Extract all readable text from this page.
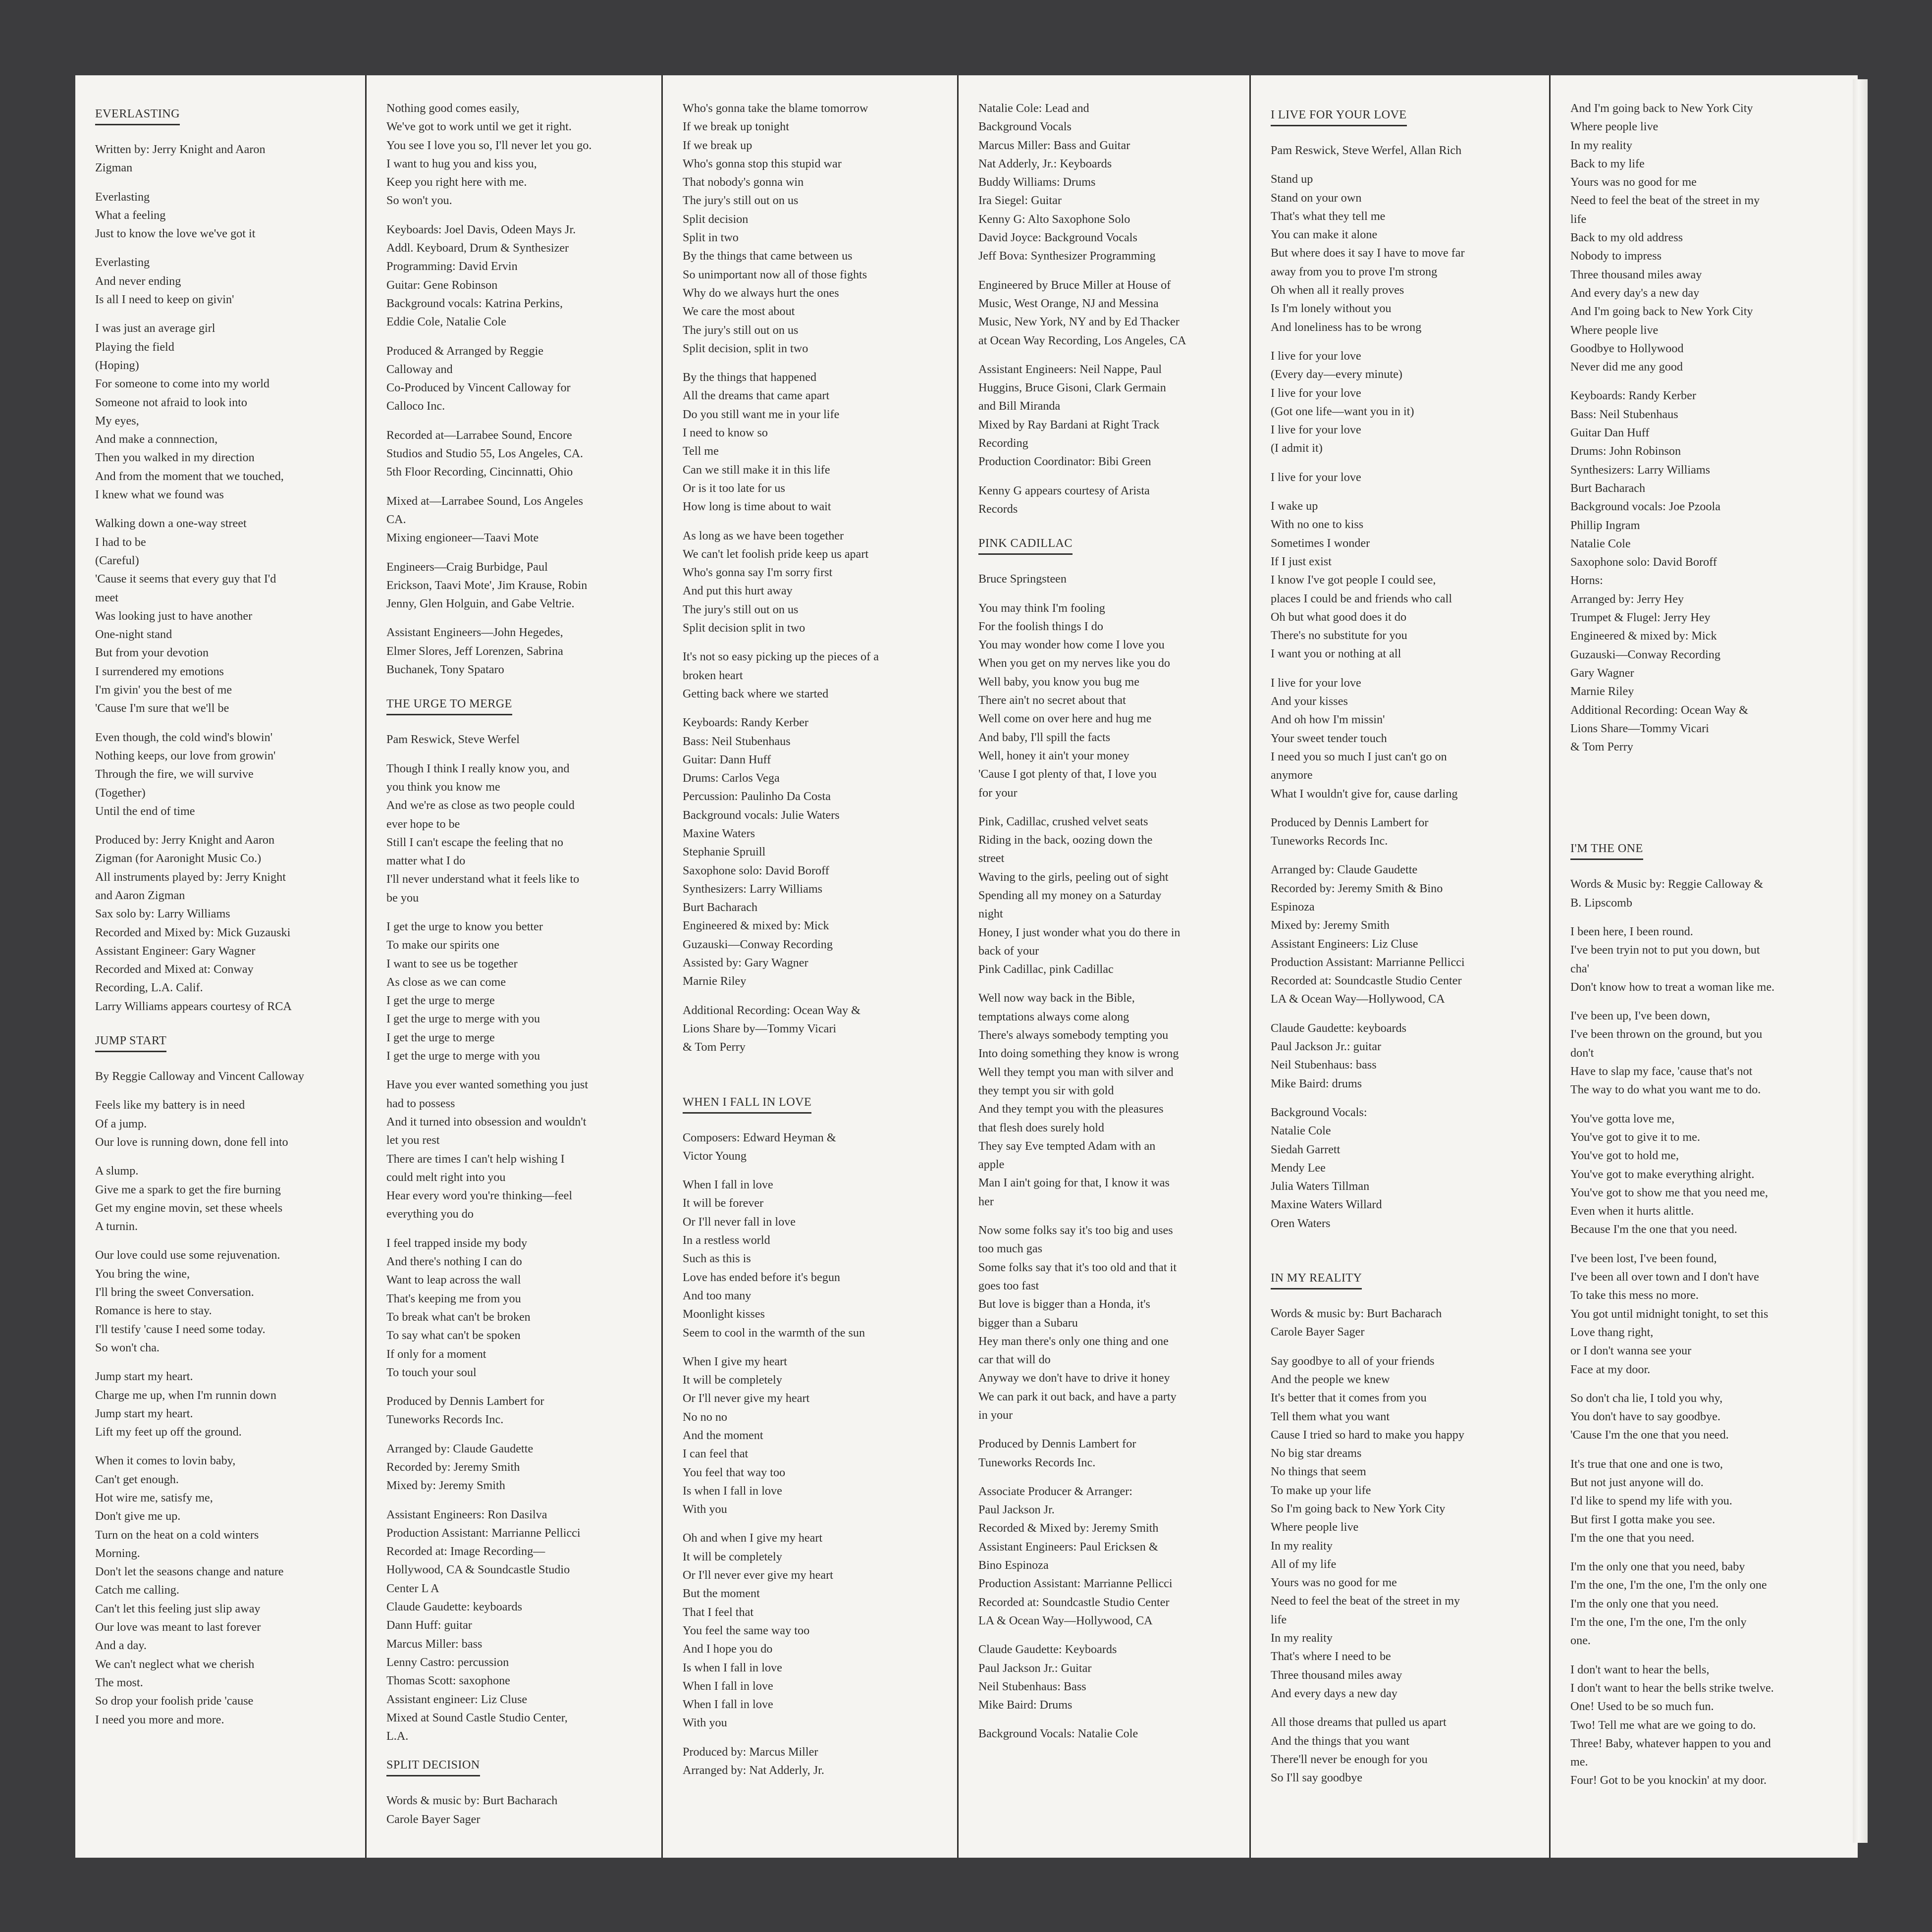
EVERLASTING
Written by: Jerry Knight and Aaron
Zigman
Everlasting
What a feeling
Just to know the love we've got it
Everlasting
And never ending
Is all I need to keep on givin'
I was just an average girl
Playing the field
(Hoping)
For someone to come into my world
Someone not afraid to look into
My eyes,
And make a connnection,
Then you walked in my direction
And from the moment that we touched,
I knew what we found was
Walking down a one-way street
I had to be
(Careful)
'Cause it seems that every guy that I'd
meet
Was looking just to have another
One-night stand
But from your devotion
I surrendered my emotions
I'm givin' you the best of me
'Cause I'm sure that we'll be
Even though, the cold wind's blowin'
Nothing keeps, our love from growin'
Through the fire, we will survive
(Together)
Until the end of time
Produced by: Jerry Knight and Aaron
Zigman (for Aaronight Music Co.)
All instruments played by: Jerry Knight
and Aaron Zigman
Sax solo by: Larry Williams
Recorded and Mixed by: Mick Guzauski
Assistant Engineer: Gary Wagner
Recorded and Mixed at: Conway
Recording, L.A. Calif.
Larry Williams appears courtesy of RCA
JUMP START
By Reggie Calloway and Vincent Calloway
Feels like my battery is in need
Of a jump.
Our love is running down, done fell into
A slump.
Give me a spark to get the fire burning
Get my engine movin, set these wheels
A turnin.
Our love could use some rejuvenation.
You bring the wine,
I'll bring the sweet Conversation.
Romance is here to stay.
I'll testify 'cause I need some today.
So won't cha.
Jump start my heart.
Charge me up, when I'm runnin down
Jump start my heart.
Lift my feet up off the ground.
When it comes to lovin baby,
Can't get enough.
Hot wire me, satisfy me,
Don't give me up.
Turn on the heat on a cold winters
Morning.
Don't let the seasons change and nature
Catch me calling.
Can't let this feeling just slip away
Our love was meant to last forever
And a day.
We can't neglect what we cherish
The most.
So drop your foolish pride 'cause
I need you more and more.
Nothing good comes easily,
We've got to work until we get it right.
You see I love you so, I'll never let you go.
I want to hug you and kiss you,
Keep you right here with me.
So won't you.
Keyboards: Joel Davis, Odeen Mays Jr.
Addl. Keyboard, Drum & Synthesizer
Programming: David Ervin
Guitar: Gene Robinson
Background vocals: Katrina Perkins,
Eddie Cole, Natalie Cole
Produced & Arranged by Reggie
Calloway and
Co-Produced by Vincent Calloway for
Calloco Inc.
Recorded at—Larrabee Sound, Encore
Studios and Studio 55, Los Angeles, CA.
5th Floor Recording, Cincinnatti, Ohio
Mixed at—Larrabee Sound, Los Angeles
CA.
Mixing engioneer—Taavi Mote
Engineers—Craig Burbidge, Paul
Erickson, Taavi Mote', Jim Krause, Robin
Jenny, Glen Holguin, and Gabe Veltrie.
Assistant Engineers—John Hegedes,
Elmer Slores, Jeff Lorenzen, Sabrina
Buchanek, Tony Spataro
THE URGE TO MERGE
Pam Reswick, Steve Werfel
Though I think I really know you, and
you think you know me
And we're as close as two people could
ever hope to be
Still I can't escape the feeling that no
matter what I do
I'll never understand what it feels like to
be you
I get the urge to know you better
To make our spirits one
I want to see us be together
As close as we can come
I get the urge to merge
I get the urge to merge with you
I get the urge to merge
I get the urge to merge with you
Have you ever wanted something you just
had to possess
And it turned into obsession and wouldn't
let you rest
There are times I can't help wishing I
could melt right into you
Hear every word you're thinking—feel
everything you do
I feel trapped inside my body
And there's nothing I can do
Want to leap across the wall
That's keeping me from you
To break what can't be broken
To say what can't be spoken
If only for a moment
To touch your soul
Produced by Dennis Lambert for
Tuneworks Records Inc.
Arranged by: Claude Gaudette
Recorded by: Jeremy Smith
Mixed by: Jeremy Smith
Assistant Engineers: Ron Dasilva
Production Assistant: Marrianne Pellicci
Recorded at: Image Recording—
Hollywood, CA & Soundcastle Studio
Center L A
Claude Gaudette: keyboards
Dann Huff: guitar
Marcus Miller: bass
Lenny Castro: percussion
Thomas Scott: saxophone
Assistant engineer: Liz Cluse
Mixed at Sound Castle Studio Center,
L.A.
SPLIT DECISION
Words & music by: Burt Bacharach
Carole Bayer Sager
Who's gonna take the blame tomorrow
If we break up tonight
If we break up
Who's gonna stop this stupid war
That nobody's gonna win
The jury's still out on us
Split decision
Split in two
By the things that came between us
So unimportant now all of those fights
Why do we always hurt the ones
We care the most about
The jury's still out on us
Split decision, split in two
By the things that happened
All the dreams that came apart
Do you still want me in your life
I need to know so
Tell me
Can we still make it in this life
Or is it too late for us
How long is time about to wait
As long as we have been together
We can't let foolish pride keep us apart
Who's gonna say I'm sorry first
And put this hurt away
The jury's still out on us
Split decision split in two
It's not so easy picking up the pieces of a
broken heart
Getting back where we started
Keyboards: Randy Kerber
Bass: Neil Stubenhaus
Guitar: Dann Huff
Drums: Carlos Vega
Percussion: Paulinho Da Costa
Background vocals: Julie Waters
Maxine Waters
Stephanie Spruill
Saxophone solo: David Boroff
Synthesizers: Larry Williams
Burt Bacharach
Engineered & mixed by: Mick
Guzauski—Conway Recording
Assisted by: Gary Wagner
Marnie Riley
Additional Recording: Ocean Way &
Lions Share by—Tommy Vicari
& Tom Perry
WHEN I FALL IN LOVE
Composers: Edward Heyman &
Victor Young
When I fall in love
It will be forever
Or I'll never fall in love
In a restless world
Such as this is
Love has ended before it's begun
And too many
Moonlight kisses
Seem to cool in the warmth of the sun
When I give my heart
It will be completely
Or I'll never give my heart
No no no
And the moment
I can feel that
You feel that way too
Is when I fall in love
With you
Oh and when I give my heart
It will be completely
Or I'll never ever give my heart
But the moment
That I feel that
You feel the same way too
And I hope you do
Is when I fall in love
When I fall in love
When I fall in love
With you
Produced by: Marcus Miller
Arranged by: Nat Adderly, Jr.
Natalie Cole: Lead and
Background Vocals
Marcus Miller: Bass and Guitar
Nat Adderly, Jr.: Keyboards
Buddy Williams: Drums
Ira Siegel: Guitar
Kenny G: Alto Saxophone Solo
David Joyce: Background Vocals
Jeff Bova: Synthesizer Programming
Engineered by Bruce Miller at House of
Music, West Orange, NJ and Messina
Music, New York, NY and by Ed Thacker
at Ocean Way Recording, Los Angeles, CA
Assistant Engineers: Neil Nappe, Paul
Huggins, Bruce Gisoni, Clark Germain
and Bill Miranda
Mixed by Ray Bardani at Right Track
Recording
Production Coordinator: Bibi Green
Kenny G appears courtesy of Arista
Records
PINK CADILLAC
Bruce Springsteen
You may think I'm fooling
For the foolish things I do
You may wonder how come I love you
When you get on my nerves like you do
Well baby, you know you bug me
There ain't no secret about that
Well come on over here and hug me
And baby, I'll spill the facts
Well, honey it ain't your money
'Cause I got plenty of that, I love you
for your
Pink, Cadillac, crushed velvet seats
Riding in the back, oozing down the
street
Waving to the girls, peeling out of sight
Spending all my money on a Saturday
night
Honey, I just wonder what you do there in
back of your
Pink Cadillac, pink Cadillac
Well now way back in the Bible,
temptations always come along
There's always somebody tempting you
Into doing something they know is wrong
Well they tempt you man with silver and
they tempt you sir with gold
And they tempt you with the pleasures
that flesh does surely hold
They say Eve tempted Adam with an
apple
Man I ain't going for that, I know it was
her
Now some folks say it's too big and uses
too much gas
Some folks say that it's too old and that it
goes too fast
But love is bigger than a Honda, it's
bigger than a Subaru
Hey man there's only one thing and one
car that will do
Anyway we don't have to drive it honey
We can park it out back, and have a party
in your
Produced by Dennis Lambert for
Tuneworks Records Inc.
Associate Producer & Arranger:
Paul Jackson Jr.
Recorded & Mixed by: Jeremy Smith
Assistant Engineers: Paul Ericksen &
Bino Espinoza
Production Assistant: Marrianne Pellicci
Recorded at: Soundcastle Studio Center
LA & Ocean Way—Hollywood, CA
Claude Gaudette: Keyboards
Paul Jackson Jr.: Guitar
Neil Stubenhaus: Bass
Mike Baird: Drums
Background Vocals: Natalie Cole
I LIVE FOR YOUR LOVE
Pam Reswick, Steve Werfel, Allan Rich
Stand up
Stand on your own
That's what they tell me
You can make it alone
But where does it say I have to move far
away from you to prove I'm strong
Oh when all it really proves
Is I'm lonely without you
And loneliness has to be wrong
I live for your love
(Every day—every minute)
I live for your love
(Got one life—want you in it)
I live for your love
(I admit it)
I live for your love
I wake up
With no one to kiss
Sometimes I wonder
If I just exist
I know I've got people I could see,
places I could be and friends who call
Oh but what good does it do
There's no substitute for you
I want you or nothing at all
I live for your love
And your kisses
And oh how I'm missin'
Your sweet tender touch
I need you so much I just can't go on
anymore
What I wouldn't give for, cause darling
Produced by Dennis Lambert for
Tuneworks Records Inc.
Arranged by: Claude Gaudette
Recorded by: Jeremy Smith & Bino
Espinoza
Mixed by: Jeremy Smith
Assistant Engineers: Liz Cluse
Production Assistant: Marrianne Pellicci
Recorded at: Soundcastle Studio Center
LA & Ocean Way—Hollywood, CA
Claude Gaudette: keyboards
Paul Jackson Jr.: guitar
Neil Stubenhaus: bass
Mike Baird: drums
Background Vocals:
Natalie Cole
Siedah Garrett
Mendy Lee
Julia Waters Tillman
Maxine Waters Willard
Oren Waters
IN MY REALITY
Words & music by: Burt Bacharach
Carole Bayer Sager
Say goodbye to all of your friends
And the people we knew
It's better that it comes from you
Tell them what you want
Cause I tried so hard to make you happy
No big star dreams
No things that seem
To make up your life
So I'm going back to New York City
Where people live
In my reality
All of my life
Yours was no good for me
Need to feel the beat of the street in my
life
In my reality
That's where I need to be
Three thousand miles away
And every days a new day
All those dreams that pulled us apart
And the things that you want
There'll never be enough for you
So I'll say goodbye
And I'm going back to New York City
Where people live
In my reality
Back to my life
Yours was no good for me
Need to feel the beat of the street in my
life
Back to my old address
Nobody to impress
Three thousand miles away
And every day's a new day
And I'm going back to New York City
Where people live
Goodbye to Hollywood
Never did me any good
Keyboards: Randy Kerber
Bass: Neil Stubenhaus
Guitar Dan Huff
Drums: John Robinson
Synthesizers: Larry Williams
Burt Bacharach
Background vocals: Joe Pzoola
Phillip Ingram
Natalie Cole
Saxophone solo: David Boroff
Horns:
Arranged by: Jerry Hey
Trumpet & Flugel: Jerry Hey
Engineered & mixed by: Mick
Guzauski—Conway Recording
Gary Wagner
Marnie Riley
Additional Recording: Ocean Way &
Lions Share—Tommy Vicari
& Tom Perry
I'M THE ONE
Words & Music by: Reggie Calloway &
B. Lipscomb
I been here, I been round.
I've been tryin not to put you down, but
cha'
Don't know how to treat a woman like me.
I've been up, I've been down,
I've been thrown on the ground, but you
don't
Have to slap my face, 'cause that's not
The way to do what you want me to do.
You've gotta love me,
You've got to give it to me.
You've got to hold me,
You've got to make everything alright.
You've got to show me that you need me,
Even when it hurts alittle.
Because I'm the one that you need.
I've been lost, I've been found,
I've been all over town and I don't have
To take this mess no more.
You got until midnight tonight, to set this
Love thang right,
or I don't wanna see your
Face at my door.
So don't cha lie, I told you why,
You don't have to say goodbye.
'Cause I'm the one that you need.
It's true that one and one is two,
But not just anyone will do.
I'd like to spend my life with you.
But first I gotta make you see.
I'm the one that you need.
I'm the only one that you need, baby
I'm the one, I'm the one, I'm the only one
I'm the only one that you need.
I'm the one, I'm the one, I'm the only
one.
I don't want to hear the bells,
I don't want to hear the bells strike twelve.
One! Used to be so much fun.
Two! Tell me what are we going to do.
Three! Baby, whatever happen to you and
me.
Four! Got to be you knockin' at my door.
